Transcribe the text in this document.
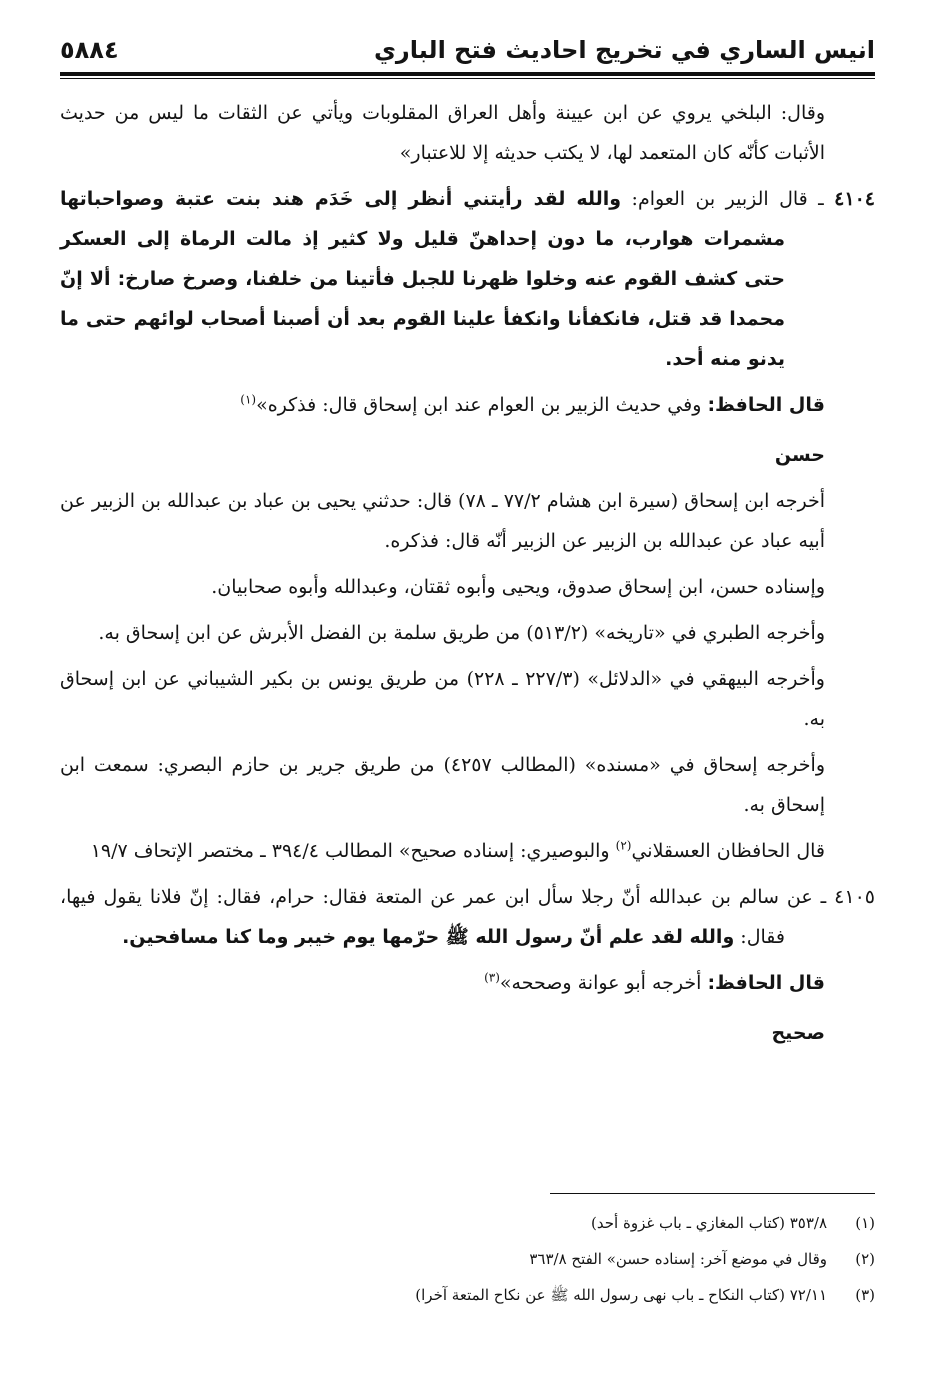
انيس الساري في تخريج احاديث فتح الباري
٥٨٨٤

وقال: البلخي يروي عن ابن عيينة وأهل العراق المقلوبات ويأتي عن الثقات ما ليس من حديث الأثبات كأنّه كان المتعمد لها، لا يكتب حديثه إلا للاعتبار»

٤١٠٤ ـ قال الزبير بن العوام: والله لقد رأيتني أنظر إلى خَدَم هند بنت عتبة وصواحباتها مشمرات هوارب، ما دون إحداهنّ قليل ولا كثير إذ مالت الرماة إلى العسكر حتى كشف القوم عنه وخلوا ظهرنا للجبل فأتينا من خلفنا، وصرخ صارخ: ألا إنّ محمدا قد قتل، فانكفأنا وانكفأ علينا القوم بعد أن أصبنا أصحاب لوائهم حتى ما يدنو منه أحد.

قال الحافظ: وفي حديث الزبير بن العوام عند ابن إسحاق قال: فذكره»$^{(١)}$

حسن

أخرجه ابن إسحاق (سيرة ابن هشام ٧٧/٢ ـ ٧٨) قال: حدثني يحيى بن عباد بن عبدالله بن الزبير عن أبيه عباد عن عبدالله بن الزبير عن الزبير أنّه قال: فذكره.

وإسناده حسن، ابن إسحاق صدوق، ويحيى وأبوه ثقتان، وعبدالله وأبوه صحابيان.

وأخرجه الطبري في «تاريخه» (٥١٣/٢) من طريق سلمة بن الفضل الأبرش عن ابن إسحاق به.

وأخرجه البيهقي في «الدلائل» (٢٢٧/٣ ـ ٢٢٨) من طريق يونس بن بكير الشيباني عن ابن إسحاق به.

وأخرجه إسحاق في «مسنده» (المطالب ٤٢٥٧) من طريق جرير بن حازم البصري: سمعت ابن إسحاق به.

قال الحافظان العسقلاني$^{(٢)}$ والبوصيري: إسناده صحيح» المطالب ٣٩٤/٤ ـ مختصر الإتحاف ١٩/٧

٤١٠٥ ـ عن سالم بن عبدالله أنّ رجلا سأل ابن عمر عن المتعة فقال: حرام، فقال: إنّ فلانا يقول فيها، فقال: والله لقد علم أنّ رسول الله ﷺ حرّمها يوم خيبر وما كنا مسافحين.

قال الحافظ: أخرجه أبو عوانة وصححه»$^{(٣)}$

صحيح
(١)
٣٥٣/٨ (كتاب المغازي ـ باب غزوة أحد)
(٢)
وقال في موضع آخر: إسناده حسن» الفتح ٣٦٣/٨
(٣)
٧٢/١١ (كتاب النكاح ـ باب نهى رسول الله ﷺ عن نكاح المتعة آخرا)
